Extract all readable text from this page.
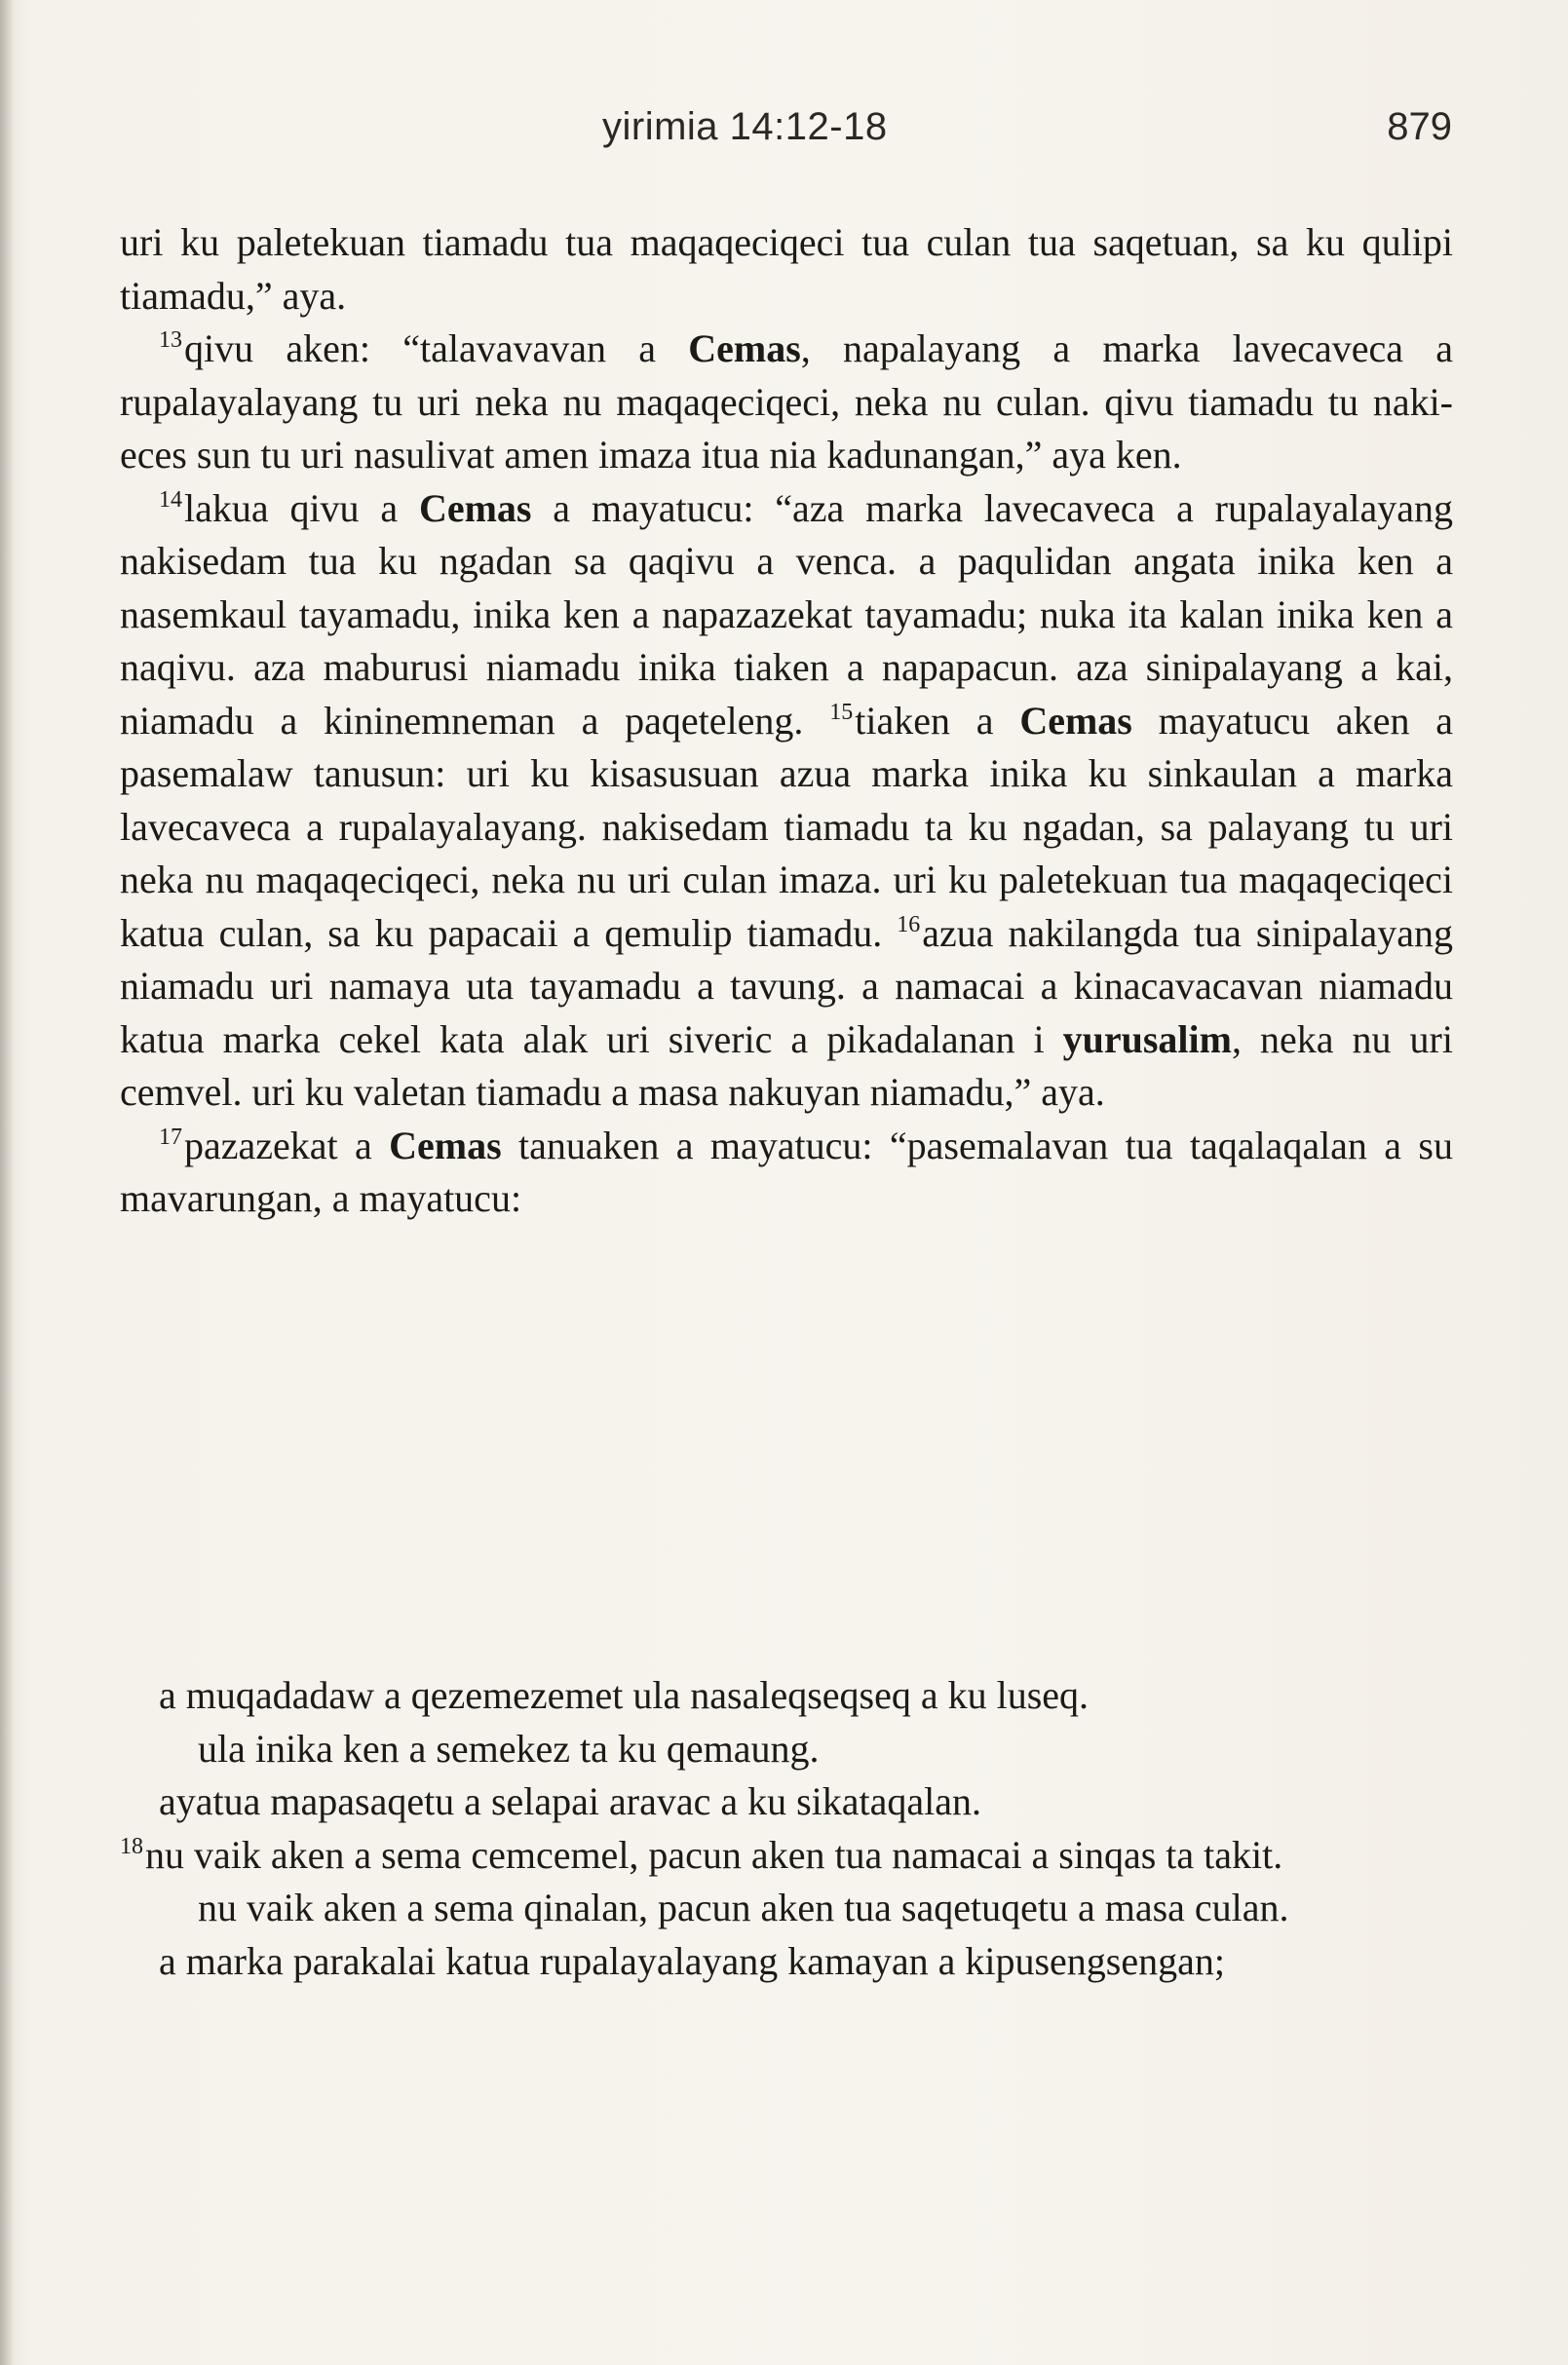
yirimia 14:12-18	879

uri ku paletekuan tiamadu tua maqaqeciqeci tua culan tua saqetuan, sa ku qulipi tiamadu,” aya.

$^{13}$qivu aken: “talavavavan a Cemas, napalayang a marka lavecaveca a rupalayalayang tu uri neka nu maqaqeciqeci, neka nu culan. qivu tiamadu tu naki-eces sun tu uri nasulivat amen imaza itua nia kadunangan,” aya ken.

$^{14}$lakua qivu a Cemas a mayatucu: “aza marka lavecaveca a rupalayalayang nakisedam tua ku ngadan sa qaqivu a venca. a paqulidan angata inika ken a nasemkaul tayamadu, inika ken a napazazekat tayamadu; nuka ita kalan inika ken a naqivu. aza maburusi niamadu inika tiaken a napapacun. aza sinipalayang a kai, niamadu a kininemneman a paqeteleng. $^{15}$tiaken a Cemas mayatucu aken a pasemalaw tanusun: uri ku kisasusuan azua marka inika ku sinkaulan a marka lavecaveca a rupalayalayang. nakisedam tiamadu ta ku ngadan, sa palayang tu uri neka nu maqaqeciqeci, neka nu uri culan imaza. uri ku paletekuan tua maqaqeciqeci katua culan, sa ku papacaii a qemulip tiamadu. $^{16}$azua nakilangda tua sinipalayang niamadu uri namaya uta tayamadu a tavung. a namacai a kinacavacavan niamadu katua marka cekel kata alak uri siveric a pikadalanan i yurusalim, neka nu uri cemvel. uri ku valetan tiamadu a masa nakuyan niamadu,” aya.

$^{17}$pazazekat a Cemas tanuaken a mayatucu: “pasemalavan tua taqalaqalan a su mavarungan, a mayatucu:

a muqadadaw a qezemezemet ula nasaleqseqseq a ku luseq.

ula inika ken a semekez ta ku qemaung.

ayatua mapasaqetu a selapai aravac a ku sikataqalan.

$^{18}$nu vaik aken a sema cemcemel, pacun aken tua namacai a sinqas ta takit.

nu vaik aken a sema qinalan, pacun aken tua saqetuqetu a masa culan.

a marka parakalai katua rupalayalayang kamayan a kipusengsengan;
